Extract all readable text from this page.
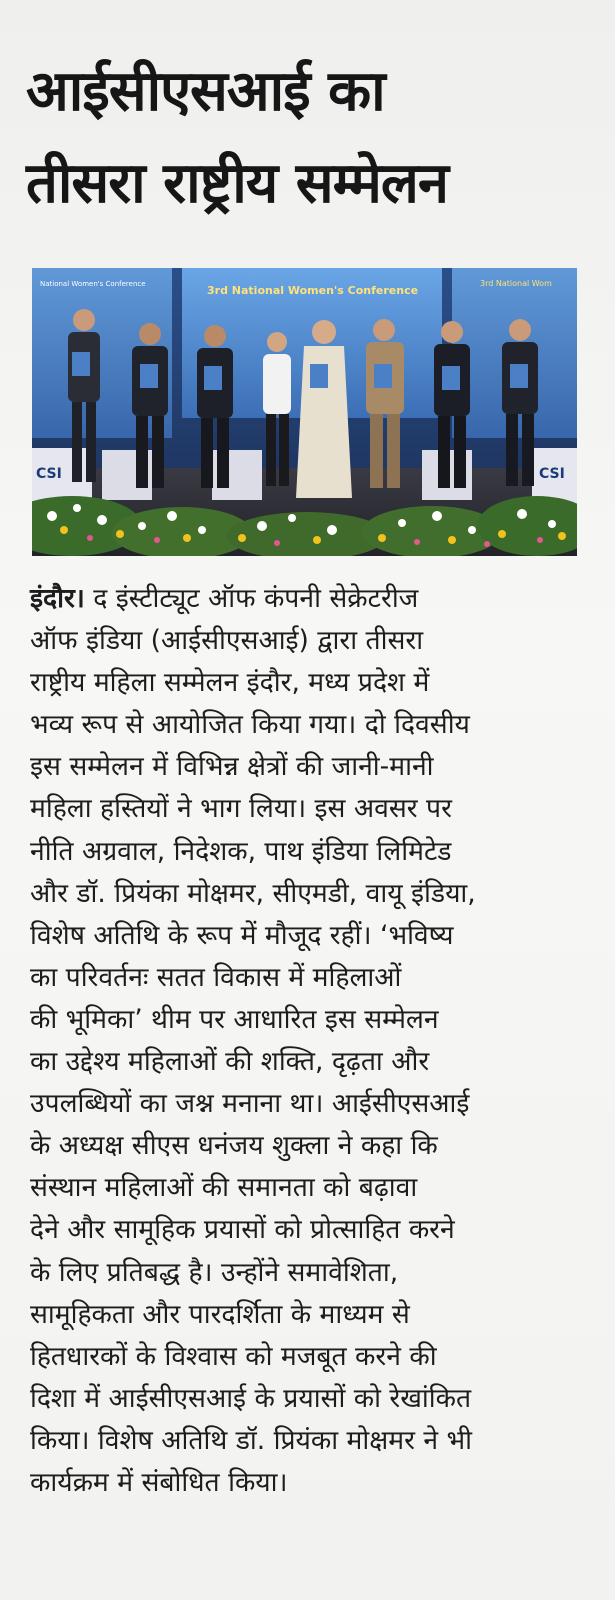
आईसीएसआई का
तीसरा राष्ट्रीय सम्मेलन
National Women's Conference	3rd National Women's Conference
3rd National Wom
CSI	CSI

इंदौर। द इंस्टीट्यूट ऑफ कंपनी सेक्रेटरीज
ऑफ इंडिया (आईसीएसआई) द्वारा तीसरा
राष्ट्रीय महिला सम्मेलन इंदौर, मध्य प्रदेश में
भव्य रूप से आयोजित किया गया। दो दिवसीय
इस सम्मेलन में विभिन्न क्षेत्रों की जानी-मानी
महिला हस्तियों ने भाग लिया। इस अवसर पर
नीति अग्रवाल, निदेशक, पाथ इंडिया लिमिटेड
और डॉ. प्रियंका मोक्षमर, सीएमडी, वायू इंडिया,
विशेष अतिथि के रूप में मौजूद रहीं। ‘भविष्य
का परिवर्तनः सतत विकास में महिलाओं
की भूमिका’ थीम पर आधारित इस सम्मेलन
का उद्देश्य महिलाओं की शक्ति, दृढ़ता और
उपलब्धियों का जश्न मनाना था। आईसीएसआई
के अध्यक्ष सीएस धनंजय शुक्ला ने कहा कि
संस्थान महिलाओं की समानता को बढ़ावा
देने और सामूहिक प्रयासों को प्रोत्साहित करने
के लिए प्रतिबद्ध है। उन्होंने समावेशिता,
सामूहिकता और पारदर्शिता के माध्यम से
हितधारकों के विश्वास को मजबूत करने की
दिशा में आईसीएसआई के प्रयासों को रेखांकित
किया। विशेष अतिथि डॉ. प्रियंका मोक्षमर ने भी
कार्यक्रम में संबोधित किया।
